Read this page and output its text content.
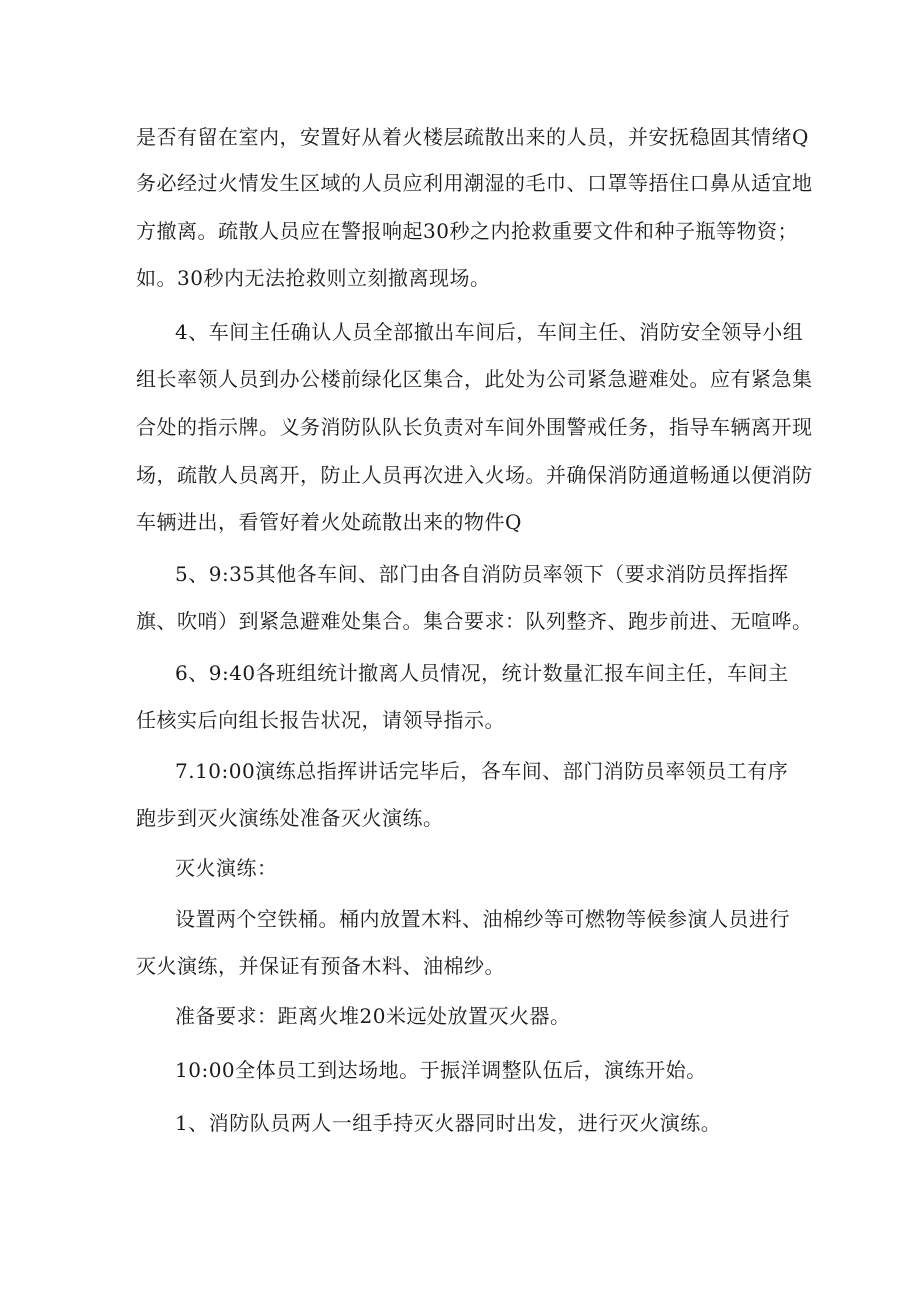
是否有留在室内，安置好从着火楼层疏散出来的人员，并安抚稳固其情绪Q
务必经过火情发生区域的人员应利用潮湿的毛巾、口罩等捂住口鼻从适宜地
方撤离。疏散人员应在警报响起30秒之内抢救重要文件和种子瓶等物资；
如。30秒内无法抢救则立刻撤离现场。
4、车间主任确认人员全部撤出车间后，车间主任、消防安全领导小组
组长率领人员到办公楼前绿化区集合，此处为公司紧急避难处。应有紧急集
合处的指示牌。义务消防队队长负责对车间外围警戒任务，指导车辆离开现
场，疏散人员离开，防止人员再次进入火场。并确保消防通道畅通以便消防
车辆进出，看管好着火处疏散出来的物件Q
5、9:35其他各车间、部门由各自消防员率领下（要求消防员挥指挥
旗、吹哨）到紧急避难处集合。集合要求：队列整齐、跑步前进、无喧哗。
6、9:40各班组统计撤离人员情况，统计数量汇报车间主任，车间主
任核实后向组长报告状况，请领导指示。
7.10:00演练总指挥讲话完毕后，各车间、部门消防员率领员工有序
跑步到灭火演练处准备灭火演练。
灭火演练：
设置两个空铁桶。桶内放置木料、油棉纱等可燃物等候参演人员进行
灭火演练，并保证有预备木料、油棉纱。
准备要求：距离火堆20米远处放置灭火器。
10:00全体员工到达场地。于振洋调整队伍后，演练开始。
1、消防队员两人一组手持灭火器同时出发，进行灭火演练。
